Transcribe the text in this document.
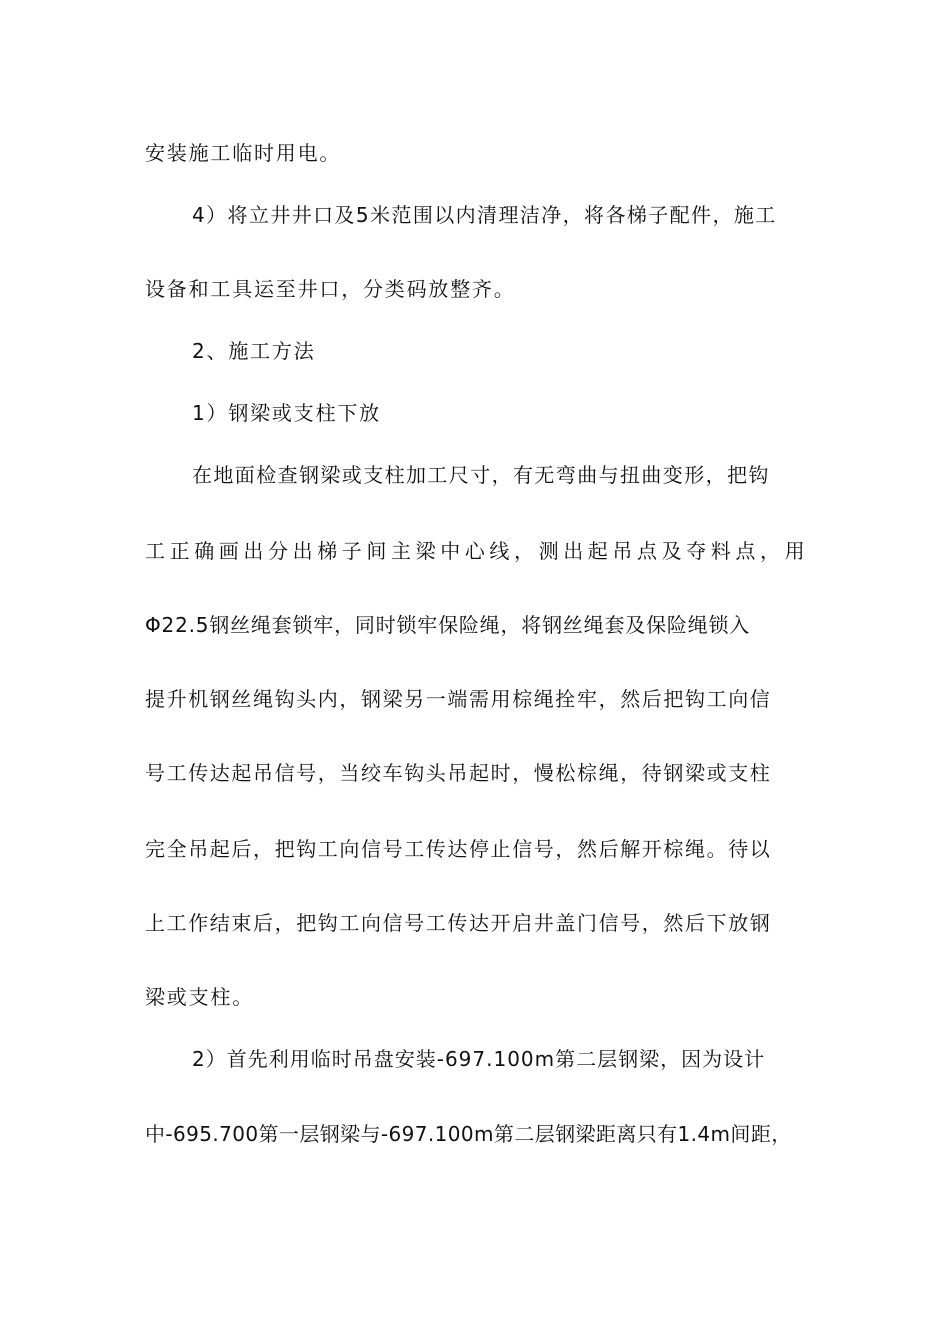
安装施工临时用电。
4）将立井井口及5米范围以内清理洁净，将各梯子配件，施工
设备和工具运至井口，分类码放整齐。
2、施工方法
1）钢梁或支柱下放
在地面检查钢梁或支柱加工尺寸，有无弯曲与扭曲变形，把钩
工正确画出分出梯子间主梁中心线，测出起吊点及夺料点，用
Φ22.5钢丝绳套锁牢，同时锁牢保险绳，将钢丝绳套及保险绳锁入
提升机钢丝绳钩头内，钢梁另一端需用棕绳拴牢，然后把钩工向信
号工传达起吊信号，当绞车钩头吊起时，慢松棕绳，待钢梁或支柱
完全吊起后，把钩工向信号工传达停止信号，然后解开棕绳。待以
上工作结束后，把钩工向信号工传达开启井盖门信号，然后下放钢
梁或支柱。
2）首先利用临时吊盘安装-697.100m第二层钢梁，因为设计
中-695.700第一层钢梁与-697.100m第二层钢梁距离只有1.4m间距，
